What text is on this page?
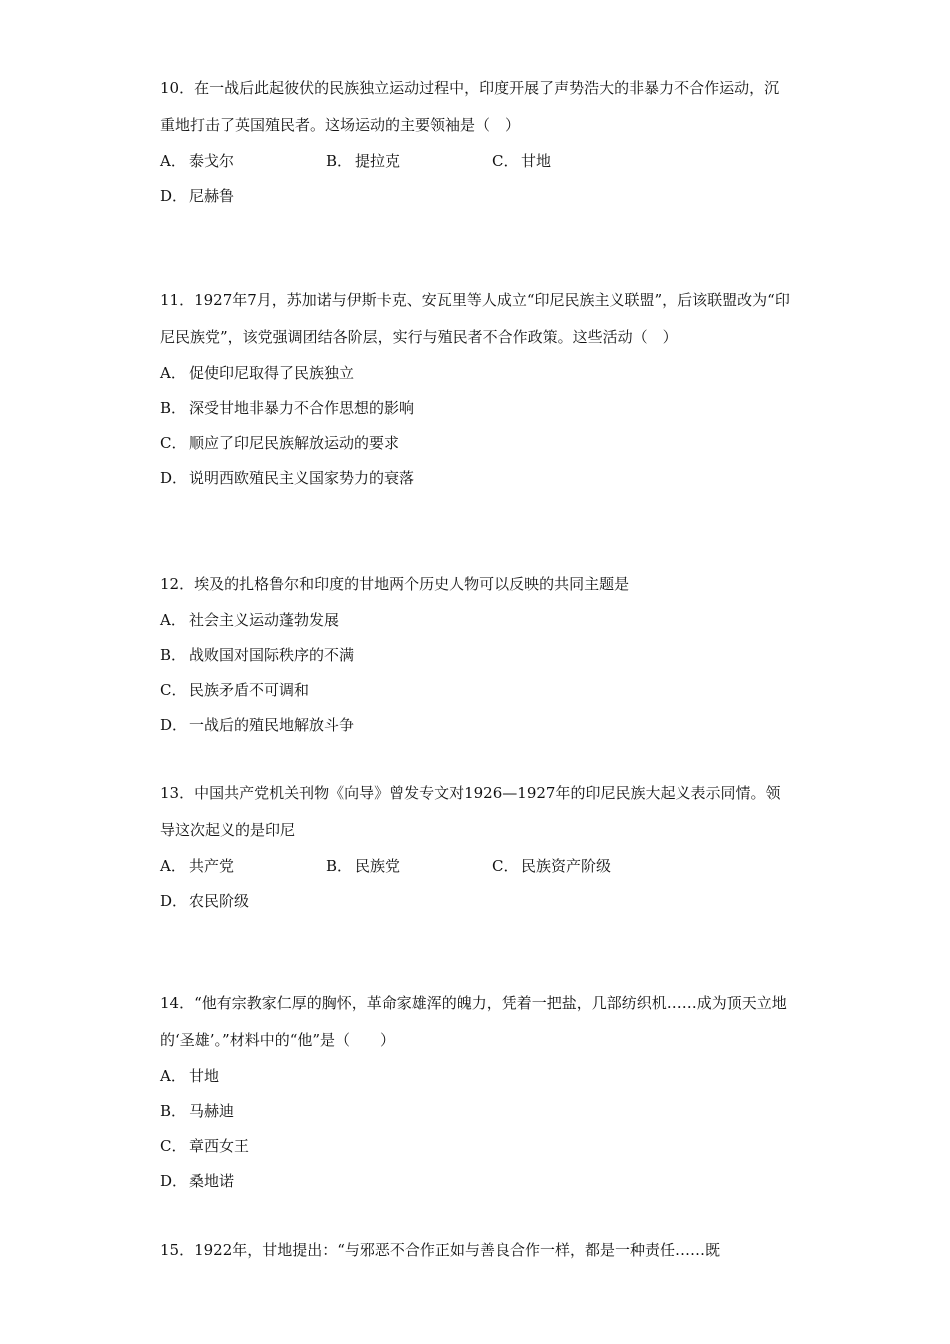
10．在一战后此起彼伏的民族独立运动过程中，印度开展了声势浩大的非暴力不合作运动，沉重地打击了英国殖民者。这场运动的主要领袖是（　）

A． 泰戈尔	B． 提拉克	C． 甘地
D． 尼赫鲁

11．1927年7月，苏加诺与伊斯卡克、安瓦里等人成立“印尼民族主义联盟”，后该联盟改为“印尼民族党”，该党强调团结各阶层，实行与殖民者不合作政策。这些活动（　）

A． 促使印尼取得了民族独立
B． 深受甘地非暴力不合作思想的影响
C． 顺应了印尼民族解放运动的要求
D． 说明西欧殖民主义国家势力的衰落

12．埃及的扎格鲁尔和印度的甘地两个历史人物可以反映的共同主题是

A． 社会主义运动蓬勃发展
B． 战败国对国际秩序的不满
C． 民族矛盾不可调和
D． 一战后的殖民地解放斗争

13．中国共产党机关刊物《向导》曾发专文对1926—1927年的印尼民族大起义表示同情。领导这次起义的是印尼

A． 共产党	B． 民族党	C． 民族资产阶级
D． 农民阶级

14．“他有宗教家仁厚的胸怀，革命家雄浑的魄力，凭着一把盐，几部纺织机……成为顶天立地的‘圣雄’。”材料中的“他”是（　　）

A． 甘地
B． 马赫迪
C． 章西女王
D． 桑地诺

15．1922年，甘地提出：“与邪恶不合作正如与善良合作一样，都是一种责任……既
